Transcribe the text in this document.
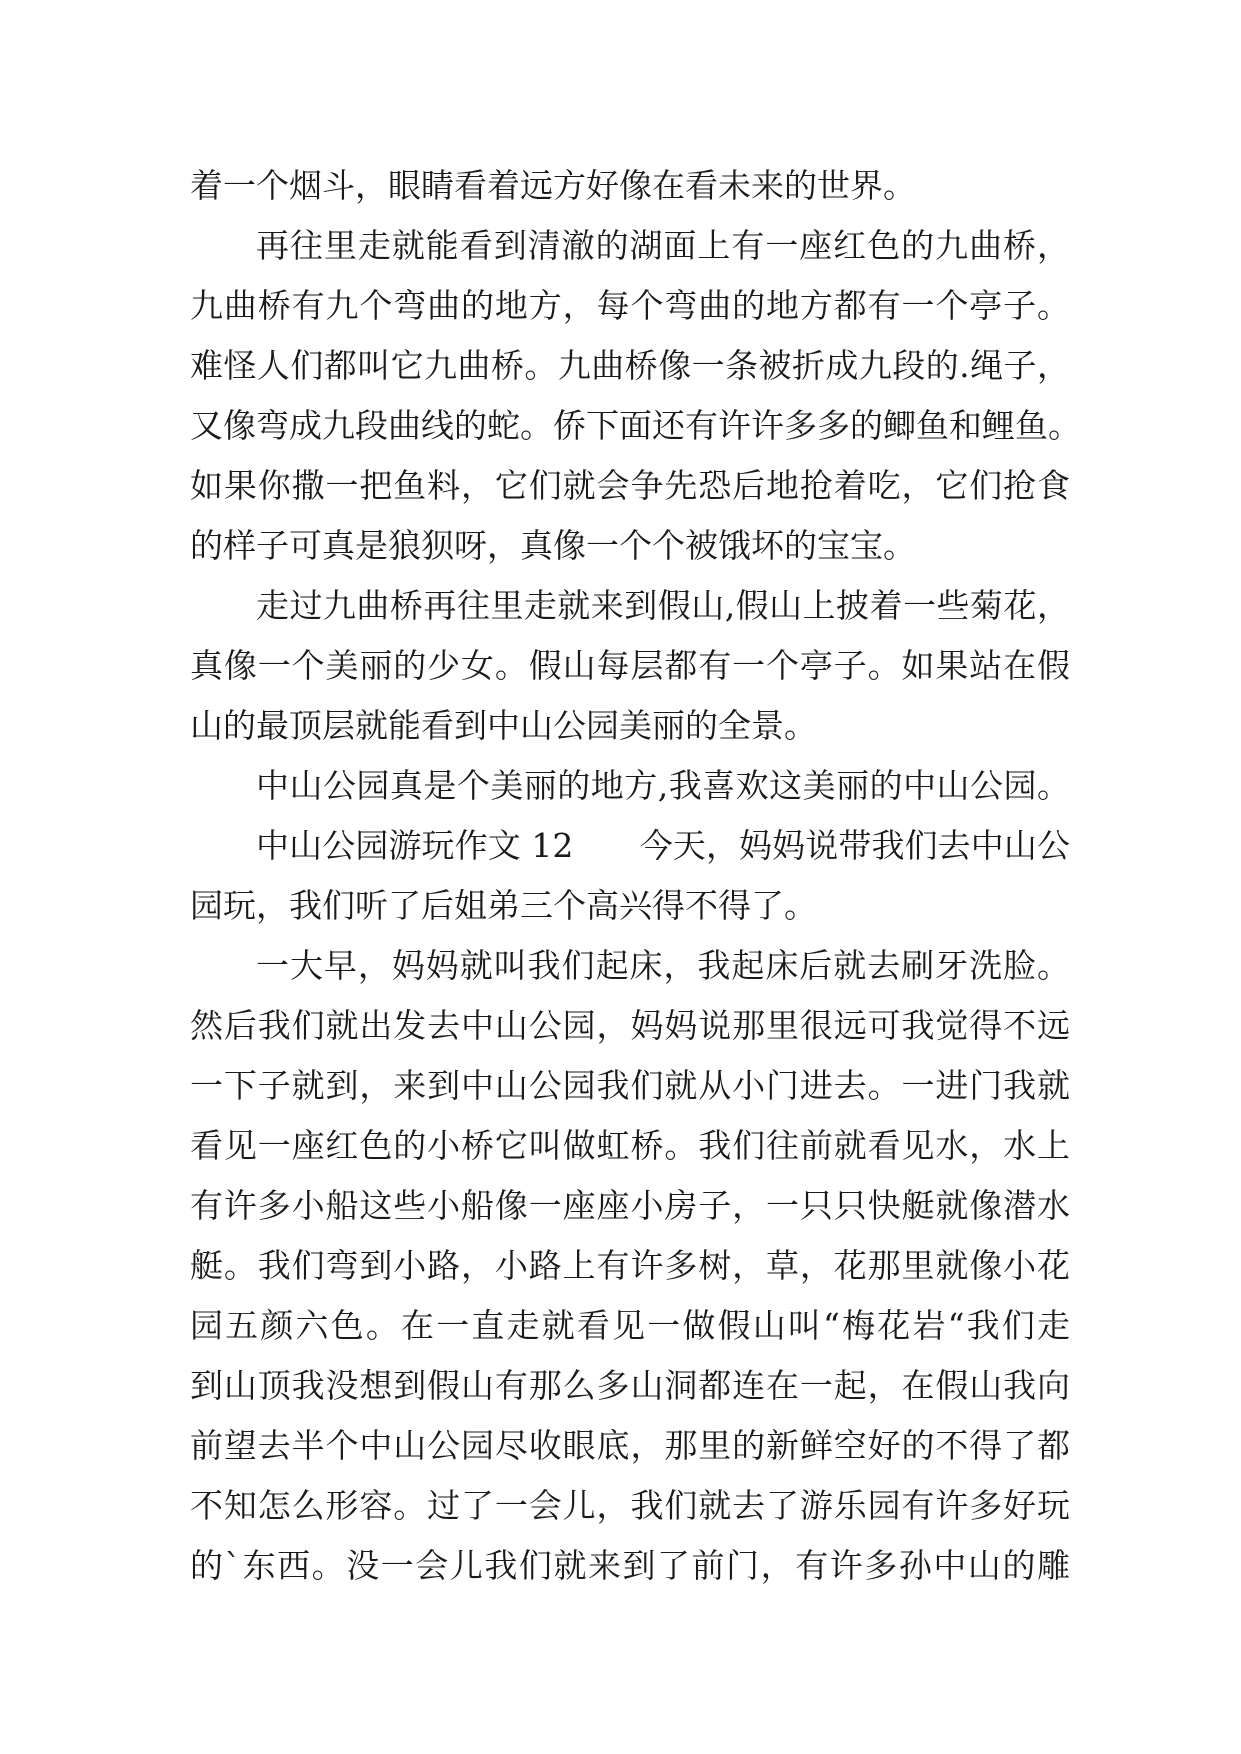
着一个烟斗，眼睛看着远方好像在看未来的世界。
再往里走就能看到清澈的湖面上有一座红色的九曲桥，
九曲桥有九个弯曲的地方，每个弯曲的地方都有一个亭子。
难怪人们都叫它九曲桥。九曲桥像一条被折成九段的.绳子，
又像弯成九段曲线的蛇。侨下面还有许许多多的鲫鱼和鲤鱼。
如果你撒一把鱼料，它们就会争先恐后地抢着吃，它们抢食
的样子可真是狼狈呀，真像一个个被饿坏的宝宝。
走过九曲桥再往里走就来到假山,假山上披着一些菊花，
真像一个美丽的少女。假山每层都有一个亭子。如果站在假
山的最顶层就能看到中山公园美丽的全景。
中山公园真是个美丽的地方,我喜欢这美丽的中山公园。
中山公园游玩作文 12　　今天，妈妈说带我们去中山公
园玩，我们听了后姐弟三个高兴得不得了。
一大早，妈妈就叫我们起床，我起床后就去刷牙洗脸。
然后我们就出发去中山公园，妈妈说那里很远可我觉得不远
一下子就到，来到中山公园我们就从小门进去。一进门我就
看见一座红色的小桥它叫做虹桥。我们往前就看见水，水上
有许多小船这些小船像一座座小房子，一只只快艇就像潜水
艇。我们弯到小路，小路上有许多树，草，花那里就像小花
园五颜六色。在一直走就看见一做假山叫“梅花岩“我们走
到山顶我没想到假山有那么多山洞都连在一起，在假山我向
前望去半个中山公园尽收眼底，那里的新鲜空好的不得了都
不知怎么形容。过了一会儿，我们就去了游乐园有许多好玩
的`东西。没一会儿我们就来到了前门，有许多孙中山的雕
